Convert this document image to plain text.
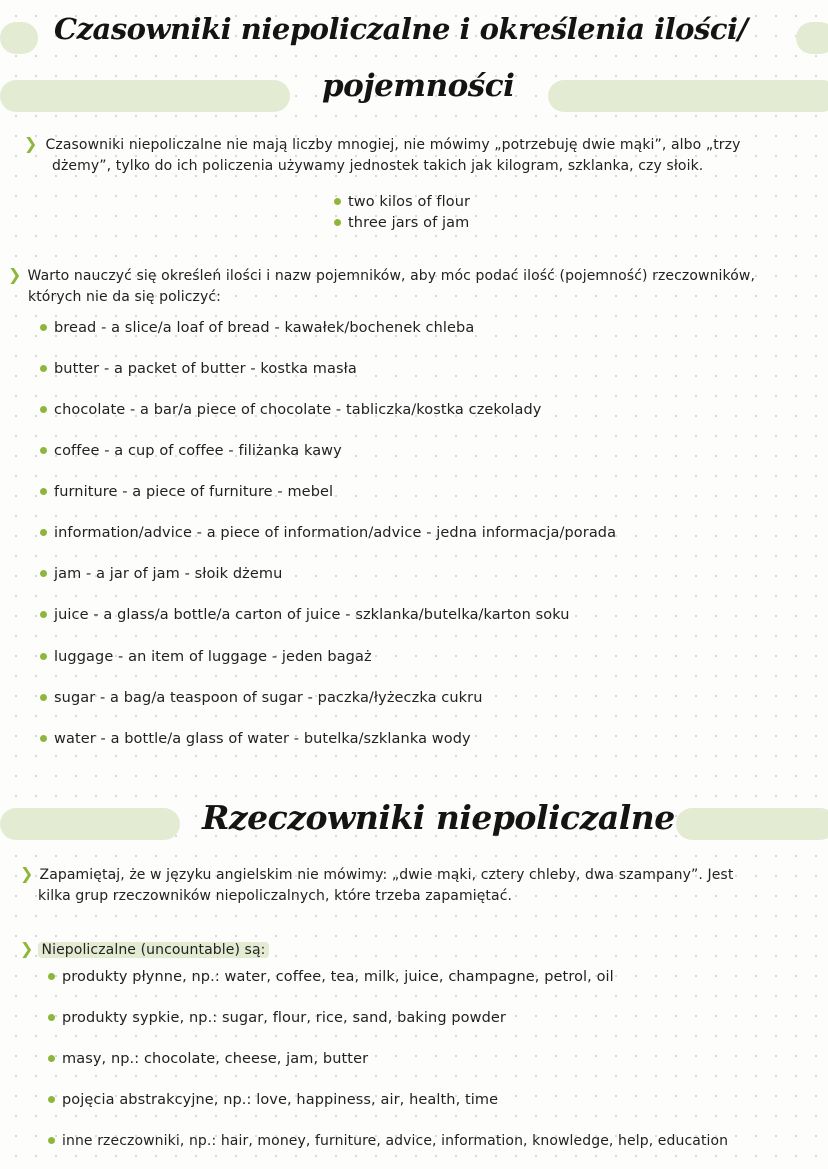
Czasowniki niepoliczalne i określenia ilości/
pojemności
❯ Czasowniki niepoliczalne nie mają liczby mnogiej, nie mówimy „potrzebuję dwie mąki”, albo „trzy
dżemy”, tylko do ich policzenia używamy jednostek takich jak kilogram, szklanka, czy słoik.
two kilos of flour
three jars of jam
❯ Warto nauczyć się określeń ilości i nazw pojemników, aby móc podać ilość (pojemność) rzeczowników,
których nie da się policzyć:
bread - a slice/a loaf of bread - kawałek/bochenek chleba
butter - a packet of butter - kostka masła
chocolate - a bar/a piece of chocolate - tabliczka/kostka czekolady
coffee - a cup of coffee - filiżanka kawy
furniture - a piece of furniture - mebel
information/advice - a piece of information/advice - jedna informacja/porada
jam - a jar of jam - słoik dżemu
juice - a glass/a bottle/a carton of juice - szklanka/butelka/karton soku
luggage - an item of luggage - jeden bagaż
sugar - a bag/a teaspoon of sugar - paczka/łyżeczka cukru
water - a bottle/a glass of water - butelka/szklanka wody
Rzeczowniki niepoliczalne
❯ Zapamiętaj, że w języku angielskim nie mówimy: „dwie mąki, cztery chleby, dwa szampany”. Jest
kilka grup rzeczowników niepoliczalnych, które trzeba zapamiętać.
❯ Niepoliczalne (uncountable) są:
produkty płynne, np.: water, coffee, tea, milk, juice, champagne, petrol, oil
produkty sypkie, np.: sugar, flour, rice, sand, baking powder
masy, np.: chocolate, cheese, jam, butter
pojęcia abstrakcyjne, np.: love, happiness, air, health, time
inne rzeczowniki, np.: hair, money, furniture, advice, information, knowledge, help, education
